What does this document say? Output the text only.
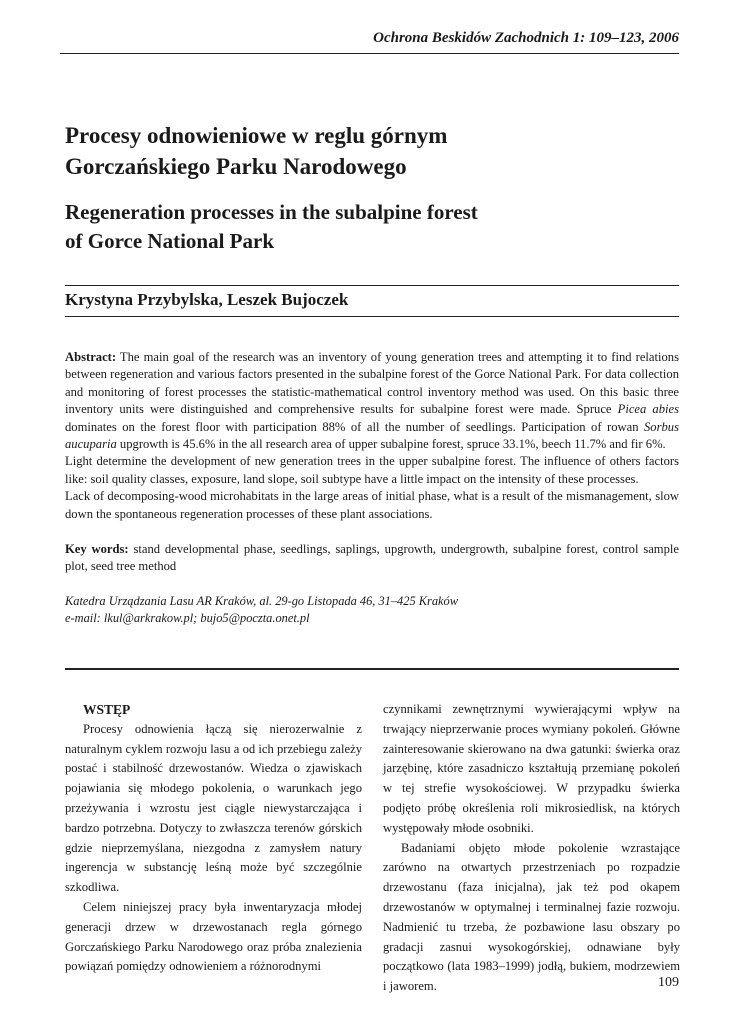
Ochrona Beskidów Zachodnich 1: 109–123, 2006
Procesy odnowieniowe w reglu górnym
Gorczańskiego Parku Narodowego
Regeneration processes in the subalpine forest
of Gorce National Park
Krystyna Przybylska, Leszek Bujoczek

Abstract: The main goal of the research was an inventory of young generation trees and attempting it to find relations between regeneration and various factors presented in the subalpine forest of the Gorce National Park. For data collection and monitoring of forest processes the statistic-mathematical control inventory method was used. On this basic three inventory units were distinguished and comprehensive results for subalpine forest were made. Spruce Picea abies dominates on the forest floor with participation 88% of all the number of seedlings. Participation of rowan Sorbus aucuparia upgrowth is 45.6% in the all research area of upper subalpine forest, spruce 33.1%, beech 11.7% and fir 6%.

Light determine the development of new generation trees in the upper subalpine forest. The influence of others factors like: soil quality classes, exposure, land slope, soil subtype have a little impact on the intensity of these processes.

Lack of decomposing-wood microhabitats in the large areas of initial phase, what is a result of the mismanagement, slow down the spontaneous regeneration processes of these plant associations.

Key words: stand developmental phase, seedlings, saplings, upgrowth, undergrowth, subalpine forest, control sample plot, seed tree method
Katedra Urządzania Lasu AR Kraków, al. 29-go Listopada 46, 31–425 Kraków
e-mail: lkul@arkrakow.pl; bujo5@poczta.onet.pl

WSTĘP

Procesy odnowienia łączą się nierozerwalnie z naturalnym cyklem rozwoju lasu a od ich przebiegu zależy postać i stabilność drzewostanów. Wiedza o zjawiskach pojawiania się młodego pokolenia, o warunkach jego przeżywania i wzrostu jest ciągle niewystarczająca i bardzo potrzebna. Dotyczy to zwłaszcza terenów górskich gdzie nieprzemyślana, niezgodna z zamysłem natury ingerencja w substancję leśną może być szczególnie szkodliwa.

Celem niniejszej pracy była inwentaryzacja młodej generacji drzew w drzewostanach regla górnego Gorczańskiego Parku Narodowego oraz próba znalezienia powiązań pomiędzy odnowieniem a różnorodnymi

czynnikami zewnętrznymi wywierającymi wpływ na trwający nieprzerwanie proces wymiany pokoleń. Główne zainteresowanie skierowano na dwa gatunki: świerka oraz jarzębinę, które zasadniczo kształtują przemianę pokoleń w tej strefie wysokościowej. W przypadku świerka podjęto próbę określenia roli mikrosiedlisk, na których występowały młode osobniki.

Badaniami objęto młode pokolenie wzrastające zarówno na otwartych przestrzeniach po rozpadzie drzewostanu (faza inicjalna), jak też pod okapem drzewostanów w optymalnej i terminalnej fazie rozwoju. Nadmienić tu trzeba, że pozbawione lasu obszary po gradacji zasnui wysokogórskiej, odnawiane były początkowo (lata 1983–1999) jodłą, bukiem, modrzewiem i jaworem.	109
